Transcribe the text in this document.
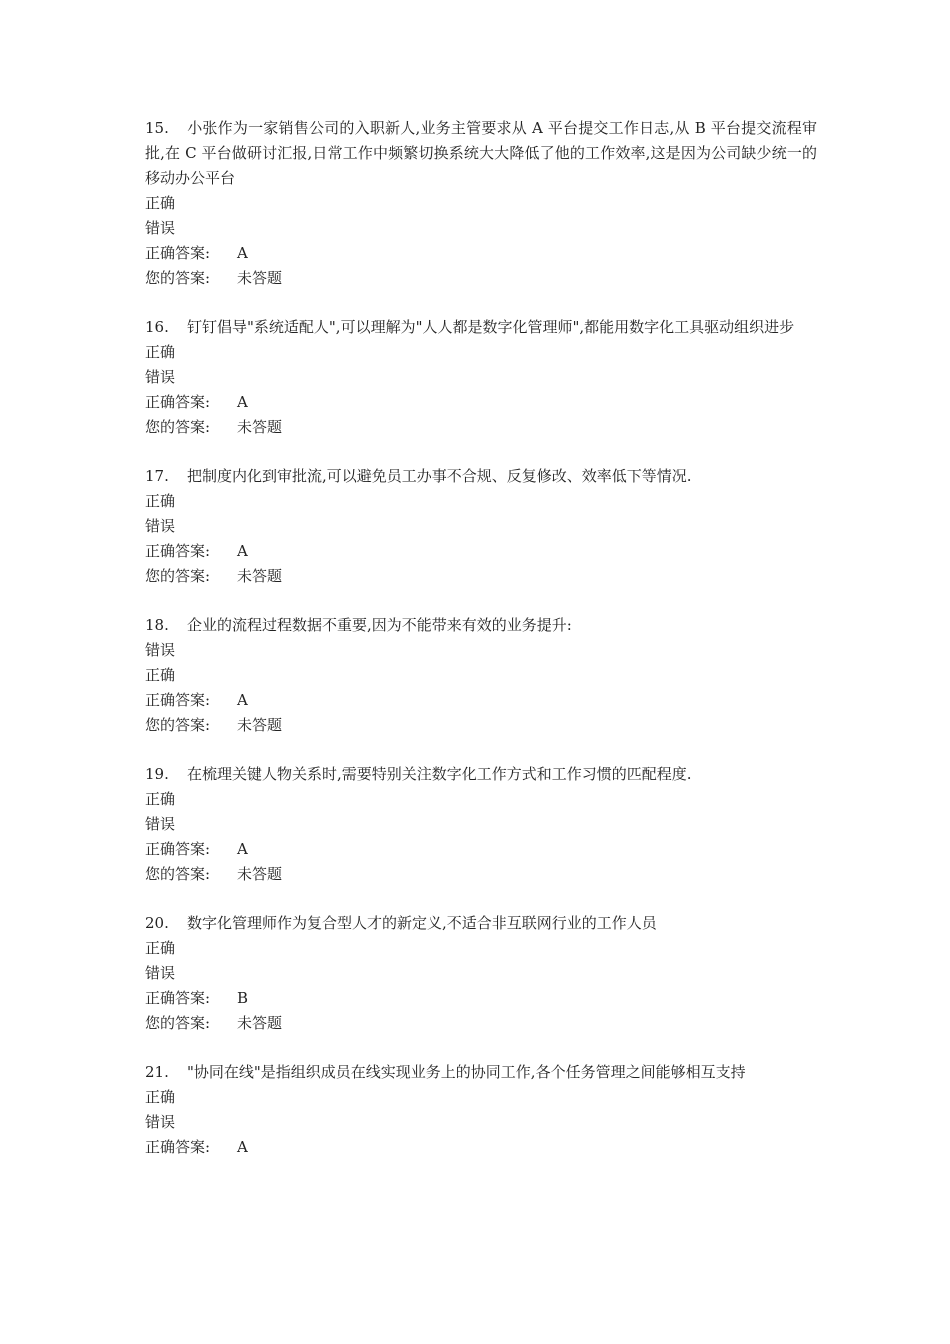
15. 小张作为一家销售公司的入职新人,业务主管要求从 A 平台提交工作日志,从 B 平台提交流程审批,在 C 平台做研讨汇报,日常工作中频繁切换系统大大降低了他的工作效率,这是因为公司缺少统一的移动办公平台
正确
错误
正确答案: A
您的答案: 未答题
16. 钉钉倡导"系统适配人",可以理解为"人人都是数字化管理师",都能用数字化工具驱动组织进步
正确
错误
正确答案: A
您的答案: 未答题
17. 把制度内化到审批流,可以避免员工办事不合规、反复修改、效率低下等情况.
正确
错误
正确答案: A
您的答案: 未答题
18. 企业的流程过程数据不重要,因为不能带来有效的业务提升:
错误
正确
正确答案: A
您的答案: 未答题
19. 在梳理关键人物关系时,需要特别关注数字化工作方式和工作习惯的匹配程度.
正确
错误
正确答案: A
您的答案: 未答题
20. 数字化管理师作为复合型人才的新定义,不适合非互联网行业的工作人员
正确
错误
正确答案: B
您的答案: 未答题
21. "协同在线"是指组织成员在线实现业务上的协同工作,各个任务管理之间能够相互支持
正确
错误
正确答案: A
